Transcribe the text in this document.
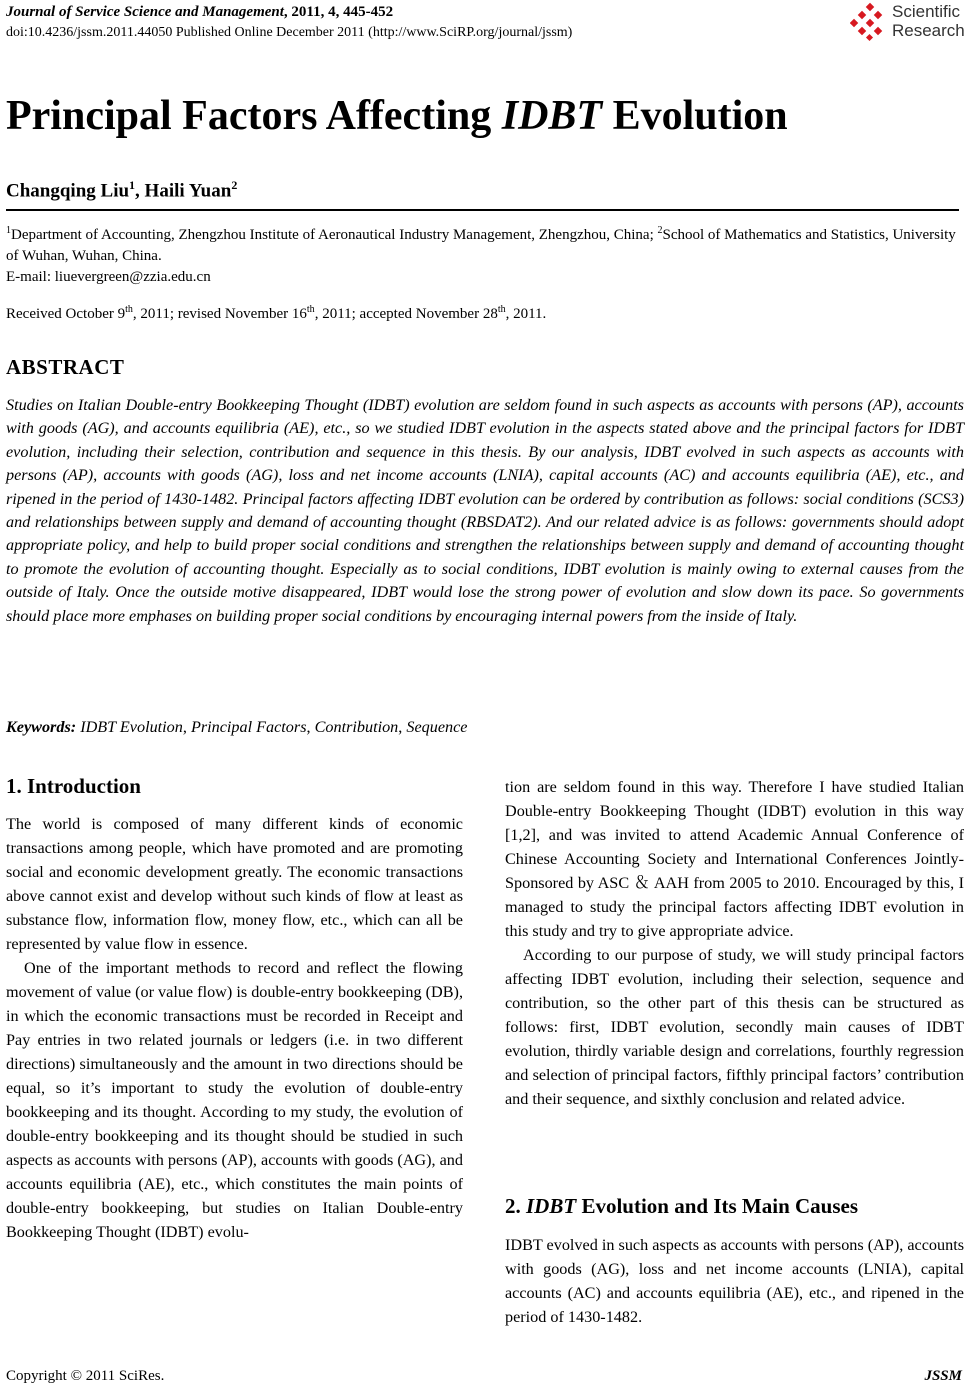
Journal of Service Science and Management, 2011, 4, 445-452
doi:10.4236/jssm.2011.44050 Published Online December 2011 (http://www.SciRP.org/journal/jssm)
Scientific
Research
Principal Factors Affecting IDBT Evolution
Changqing Liu$^1$, Haili Yuan$^2$
$^1$Department of Accounting, Zhengzhou Institute of Aeronautical Industry Management, Zhengzhou, China; $^2$School of Mathematics and Statistics, University of Wuhan, Wuhan, China.
E-mail: liuevergreen@zzia.edu.cn
Received October 9th, 2011; revised November 16th, 2011; accepted November 28th, 2011.
ABSTRACT
Studies on Italian Double-entry Bookkeeping Thought (IDBT) evolution are seldom found in such aspects as accounts with persons (AP), accounts with goods (AG), and accounts equilibria (AE), etc., so we studied IDBT evolution in the aspects stated above and the principal factors for IDBT evolution, including their selection, contribution and sequence in this thesis. By our analysis, IDBT evolved in such aspects as accounts with persons (AP), accounts with goods (AG), loss and net income accounts (LNIA), capital accounts (AC) and accounts equilibria (AE), etc., and ripened in the period of 1430-1482. Principal factors affecting IDBT evolution can be ordered by contribution as follows: social conditions (SCS3) and relationships between supply and demand of accounting thought (RBSDAT2). And our related advice is as follows: governments should adopt appropriate policy, and help to build proper social conditions and strengthen the relationships between supply and demand of accounting thought to promote the evolution of accounting thought. Especially as to social conditions, IDBT evolution is mainly owing to external causes from the outside of Italy. Once the outside motive disappeared, IDBT would lose the strong power of evolution and slow down its pace. So governments should place more emphases on building proper social conditions by encouraging internal powers from the inside of Italy.
Keywords: IDBT Evolution, Principal Factors, Contribution, Sequence
1. Introduction

The world is composed of many different kinds of economic transactions among people, which have promoted and are promoting social and economic development greatly. The economic transactions above cannot exist and develop without such kinds of flow at least as substance flow, information flow, money flow, etc., which can all be represented by value flow in essence.

One of the important methods to record and reflect the flowing movement of value (or value flow) is double-entry bookkeeping (DB), in which the economic transactions must be recorded in Receipt and Pay entries in two related journals or ledgers (i.e. in two different directions) simultaneously and the amount in two directions should be equal, so it’s important to study the evolution of double-entry bookkeeping and its thought. According to my study, the evolution of double-entry bookkeeping and its thought should be studied in such aspects as accounts with persons (AP), accounts with goods (AG), and accounts equilibria (AE), etc., which constitutes the main points of double-entry bookkeeping, but studies on Italian Double-entry Bookkeeping Thought (IDBT) evolu-

tion are seldom found in this way. Therefore I have studied Italian Double-entry Bookkeeping Thought (IDBT) evolution in this way [1,2], and was invited to attend Academic Annual Conference of Chinese Accounting Society and International Conferences Jointly-Sponsored by ASC ＆ AAH from 2005 to 2010. Encouraged by this, I managed to study the principal factors affecting IDBT evolution in this study and try to give appropriate advice.

According to our purpose of study, we will study principal factors affecting IDBT evolution, including their selection, sequence and contribution, so the other part of this thesis can be structured as follows: first, IDBT evolution, secondly main causes of IDBT evolution, thirdly variable design and correlations, fourthly regression and selection of principal factors, fifthly principal factors’ contribution and their sequence, and sixthly conclusion and related advice.

2. IDBT Evolution and Its Main Causes

IDBT evolved in such aspects as accounts with persons (AP), accounts with goods (AG), loss and net income accounts (LNIA), capital accounts (AC) and accounts equilibria (AE), etc., and ripened in the period of 1430-1482.

Copyright © 2011 SciRes.	JSSM
